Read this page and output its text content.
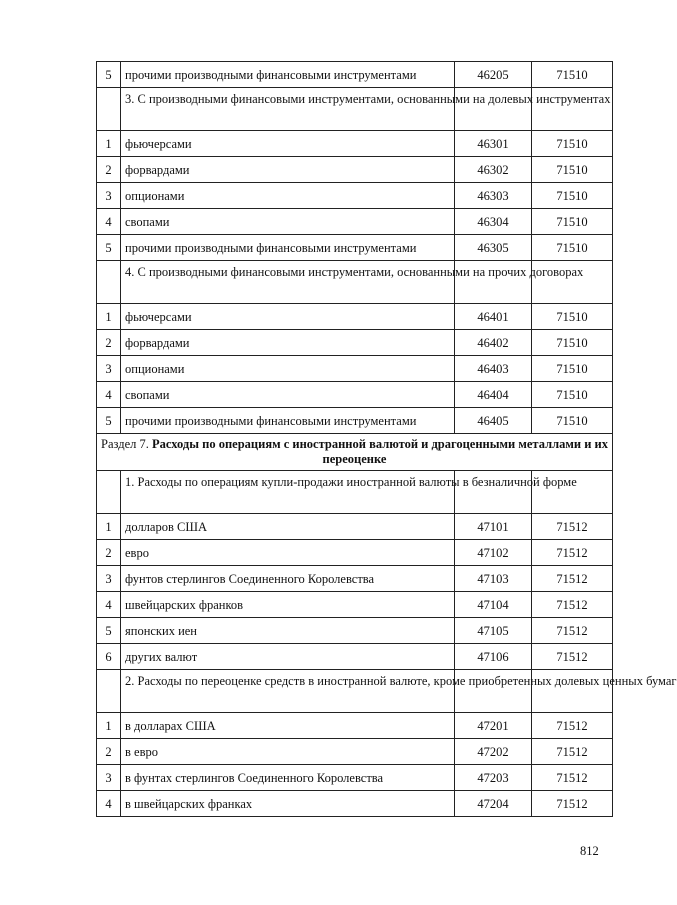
5	прочими производными финансовыми инструментами	46205	71510
	3. С производными финансовыми инструментами, основанными на долевых инструментах		
1	фьючерсами	46301	71510
2	форвардами	46302	71510
3	опционами	46303	71510
4	свопами	46304	71510
5	прочими производными финансовыми инструментами	46305	71510
	4. С производными финансовыми инструментами, основанными на прочих договорах		
1	фьючерсами	46401	71510
2	форвардами	46402	71510
3	опционами	46403	71510
4	свопами	46404	71510
5	прочими производными финансовыми инструментами	46405	71510
Раздел 7. Расходы по операциям с иностранной валютой и драгоценными металлами и их переоценке			
	1. Расходы по операциям купли-продажи иностранной валюты в безналичной форме		
1	долларов США	47101	71512
2	евро	47102	71512
3	фунтов стерлингов Соединенного Королевства	47103	71512
4	швейцарских франков	47104	71512
5	японских иен	47105	71512
6	других валют	47106	71512
	2. Расходы по переоценке средств в иностранной валюте, кроме приобретенных долевых ценных бумаг		
1	в долларах США	47201	71512
2	в евро	47202	71512
3	в фунтах стерлингов Соединенного Королевства	47203	71512
4	в швейцарских франках	47204	71512
812
